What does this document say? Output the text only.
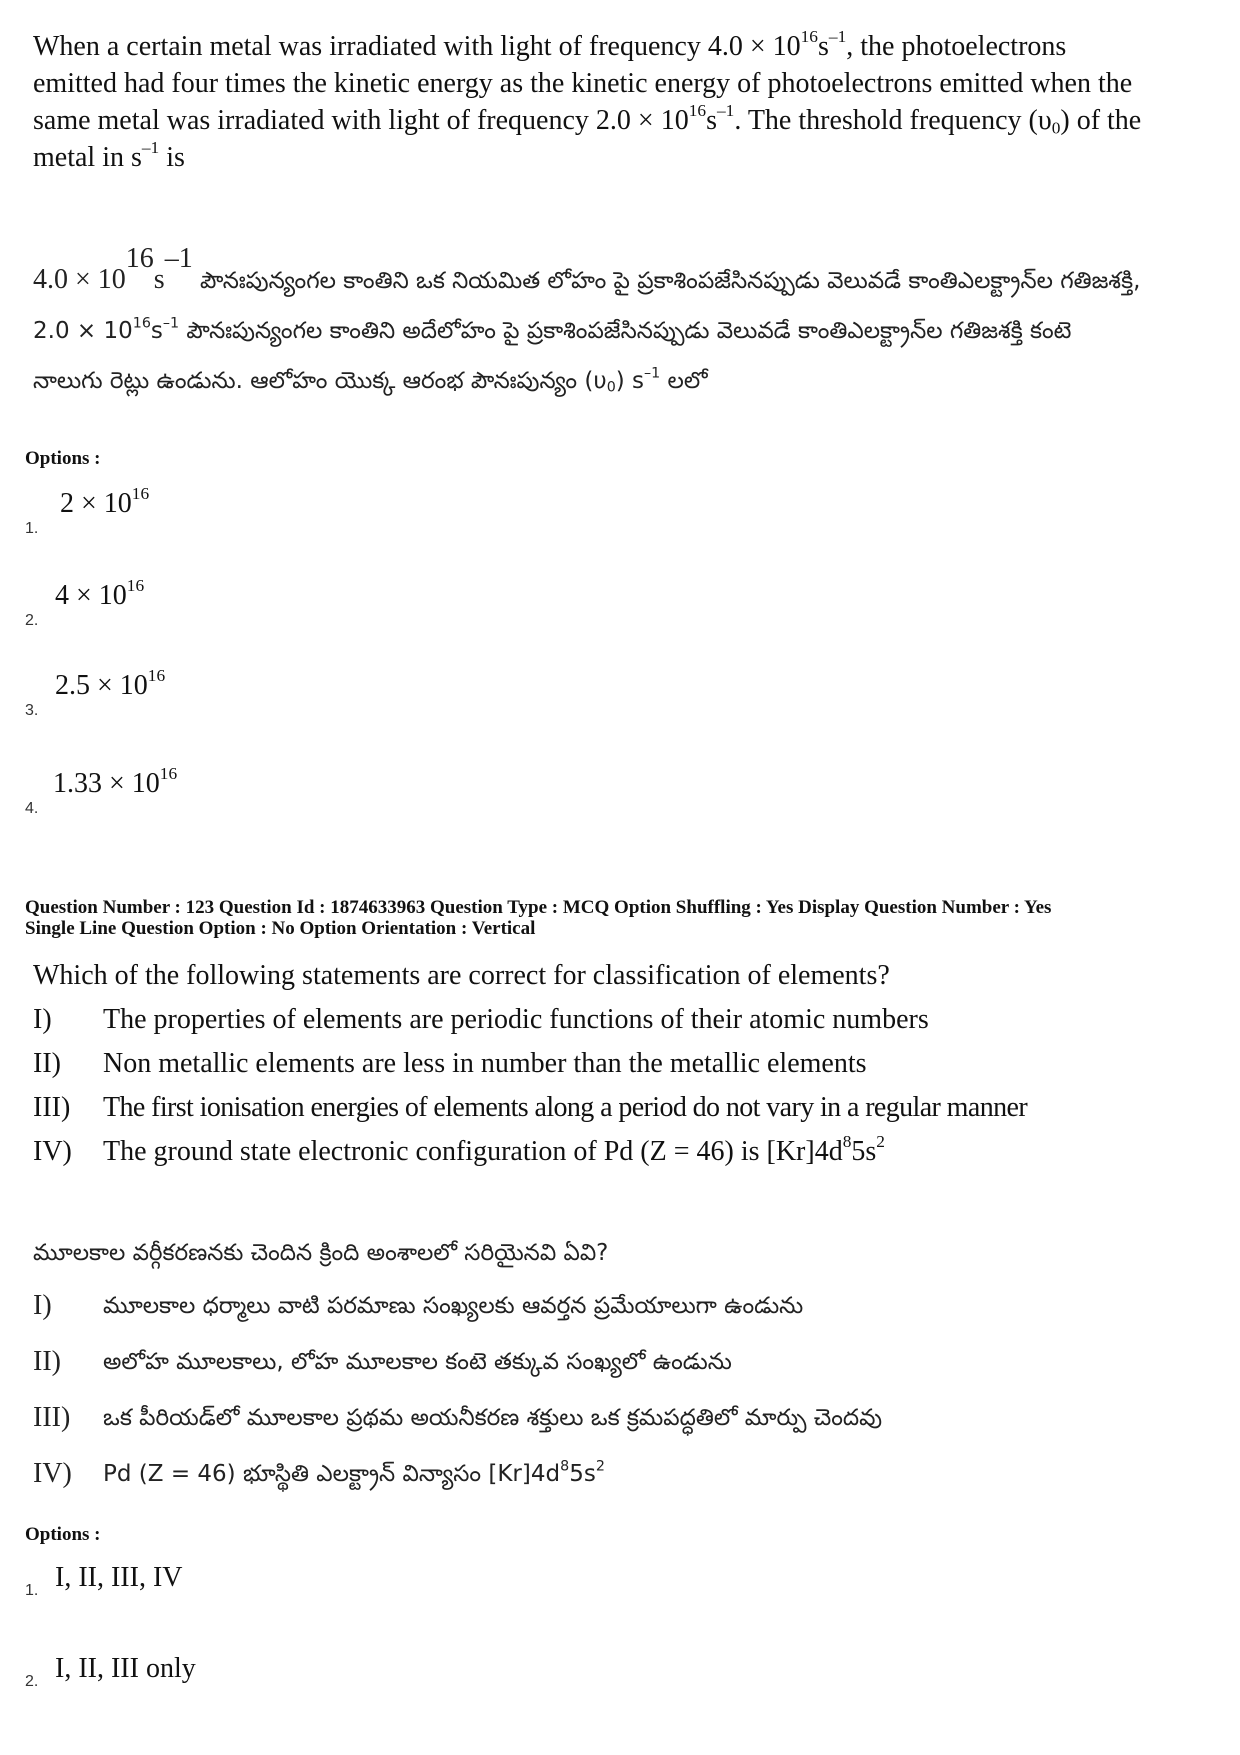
When a certain metal was irradiated with light of frequency $4.0 \times 10^{16}s^{-1}$, the photoelectrons emitted had four times the kinetic energy as the kinetic energy of photoelectrons emitted when the same metal was irradiated with light of frequency $2.0 \times 10^{16}s^{-1}$. The threshold frequency $(\upsilon_0)$ of the metal in $s^{-1}$ is

$4.0 \times 10^{16}s^{-1}$ పౌనఃపున్యంగల కాంతిని ఒక నియమిత లోహం పై ప్రకాశింపజేసినప్పుడు వెలువడే కాంతిఎలక్ట్రాన్‌ల గతిజశక్తి, $2.0 \times 10^{16}s^{-1}$ పౌనఃపున్యంగల కాంతిని అదేలోహం పై ప్రకాశింపజేసినప్పుడు వెలువడే కాంతిఎలక్ట్రాన్‌ల గతిజశక్తి కంటె నాలుగు రెట్లు ఉండును. ఆలోహం యొక్క ఆరంభ పౌనఃపున్యం $(\upsilon_0)$ $s^{-1}$ లలో

Options :
1.
$2 \times 10^{16}$
2.
$4 \times 10^{16}$
3.
$2.5 \times 10^{16}$
4.
$1.33 \times 10^{16}$
Question Number : 123 Question Id : 1874633963 Question Type : MCQ Option Shuffling : Yes Display Question Number : Yes
Single Line Question Option : No Option Orientation : Vertical
Which of the following statements are correct for classification of elements?
I)	The properties of elements are periodic functions of their atomic numbers
II)	Non metallic elements are less in number than the metallic elements
III)	The first ionisation energies of elements along a period do not vary in a regular manner
IV)	The ground state electronic configuration of Pd (Z = 46) is $[Kr]4d^85s^2$
మూలకాల వర్గీకరణనకు చెందిన క్రింది అంశాలలో సరియైనవి ఏవి?
I)	మూలకాల ధర్మాలు వాటి పరమాణు సంఖ్యలకు ఆవర్తన ప్రమేయాలుగా ఉండును
II)	అలోహ మూలకాలు, లోహ మూలకాల కంటె తక్కువ సంఖ్యలో ఉండును
III)	ఒక పీరియడ్‌లో మూలకాల ప్రథమ అయనీకరణ శక్తులు ఒక క్రమపద్ధతిలో మార్పు చెందవు
IV)	Pd (Z = 46) భూస్థితి ఎలక్ట్రాన్ విన్యాసం $[Kr]4d^85s^2$
Options :
1. I, II, III, IV
2. I, II, III only
